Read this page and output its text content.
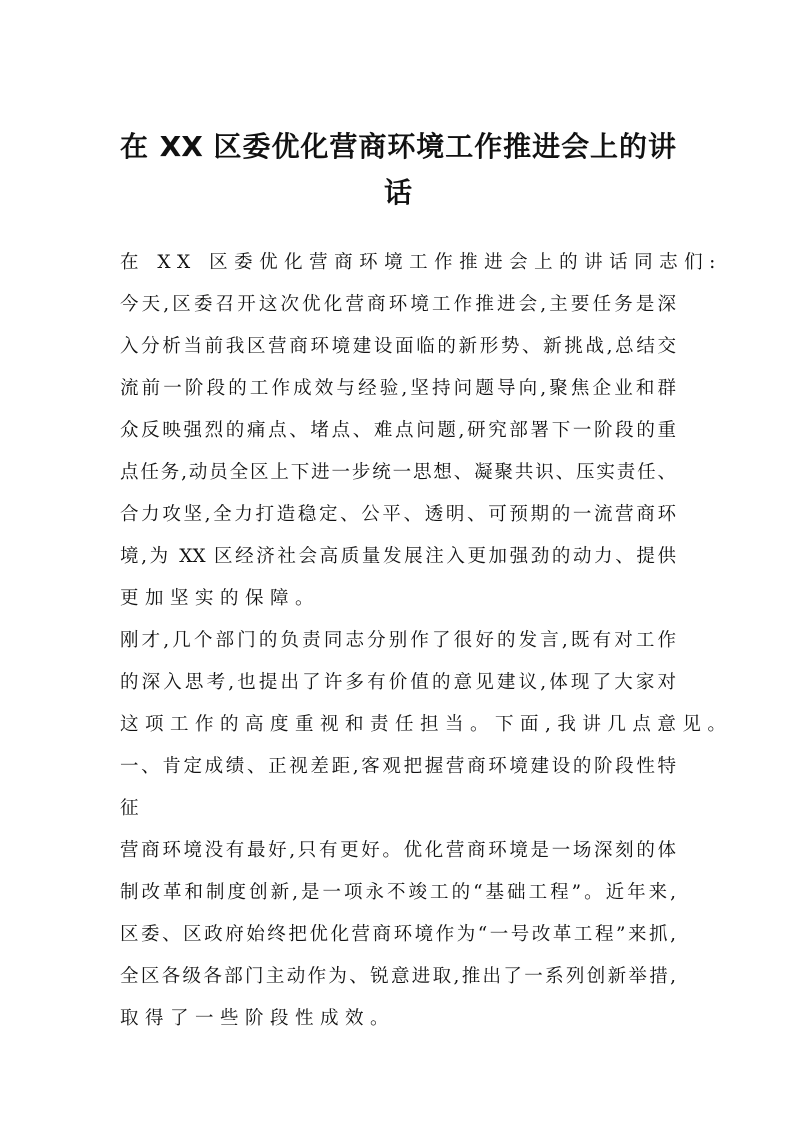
在 XX 区委优化营商环境工作推进会上的讲
话
在 XX 区委优化营商环境工作推进会上的讲话同志们:
今天,区委召开这次优化营商环境工作推进会,主要任务是深
入分析当前我区营商环境建设面临的新形势、新挑战,总结交
流前一阶段的工作成效与经验,坚持问题导向,聚焦企业和群
众反映强烈的痛点、堵点、难点问题,研究部署下一阶段的重
点任务,动员全区上下进一步统一思想、凝聚共识、压实责任、
合力攻坚,全力打造稳定、公平、透明、可预期的一流营商环
境,为 XX 区经济社会高质量发展注入更加强劲的动力、提供
更加坚实的保障。
刚才,几个部门的负责同志分别作了很好的发言,既有对工作
的深入思考,也提出了许多有价值的意见建议,体现了大家对
这项工作的高度重视和责任担当。下面,我讲几点意见。
一、肯定成绩、正视差距,客观把握营商环境建设的阶段性特
征
营商环境没有最好,只有更好。优化营商环境是一场深刻的体
制改革和制度创新,是一项永不竣工的“基础工程”。近年来,
区委、区政府始终把优化营商环境作为“一号改革工程”来抓,
全区各级各部门主动作为、锐意进取,推出了一系列创新举措,
取得了一些阶段性成效。
